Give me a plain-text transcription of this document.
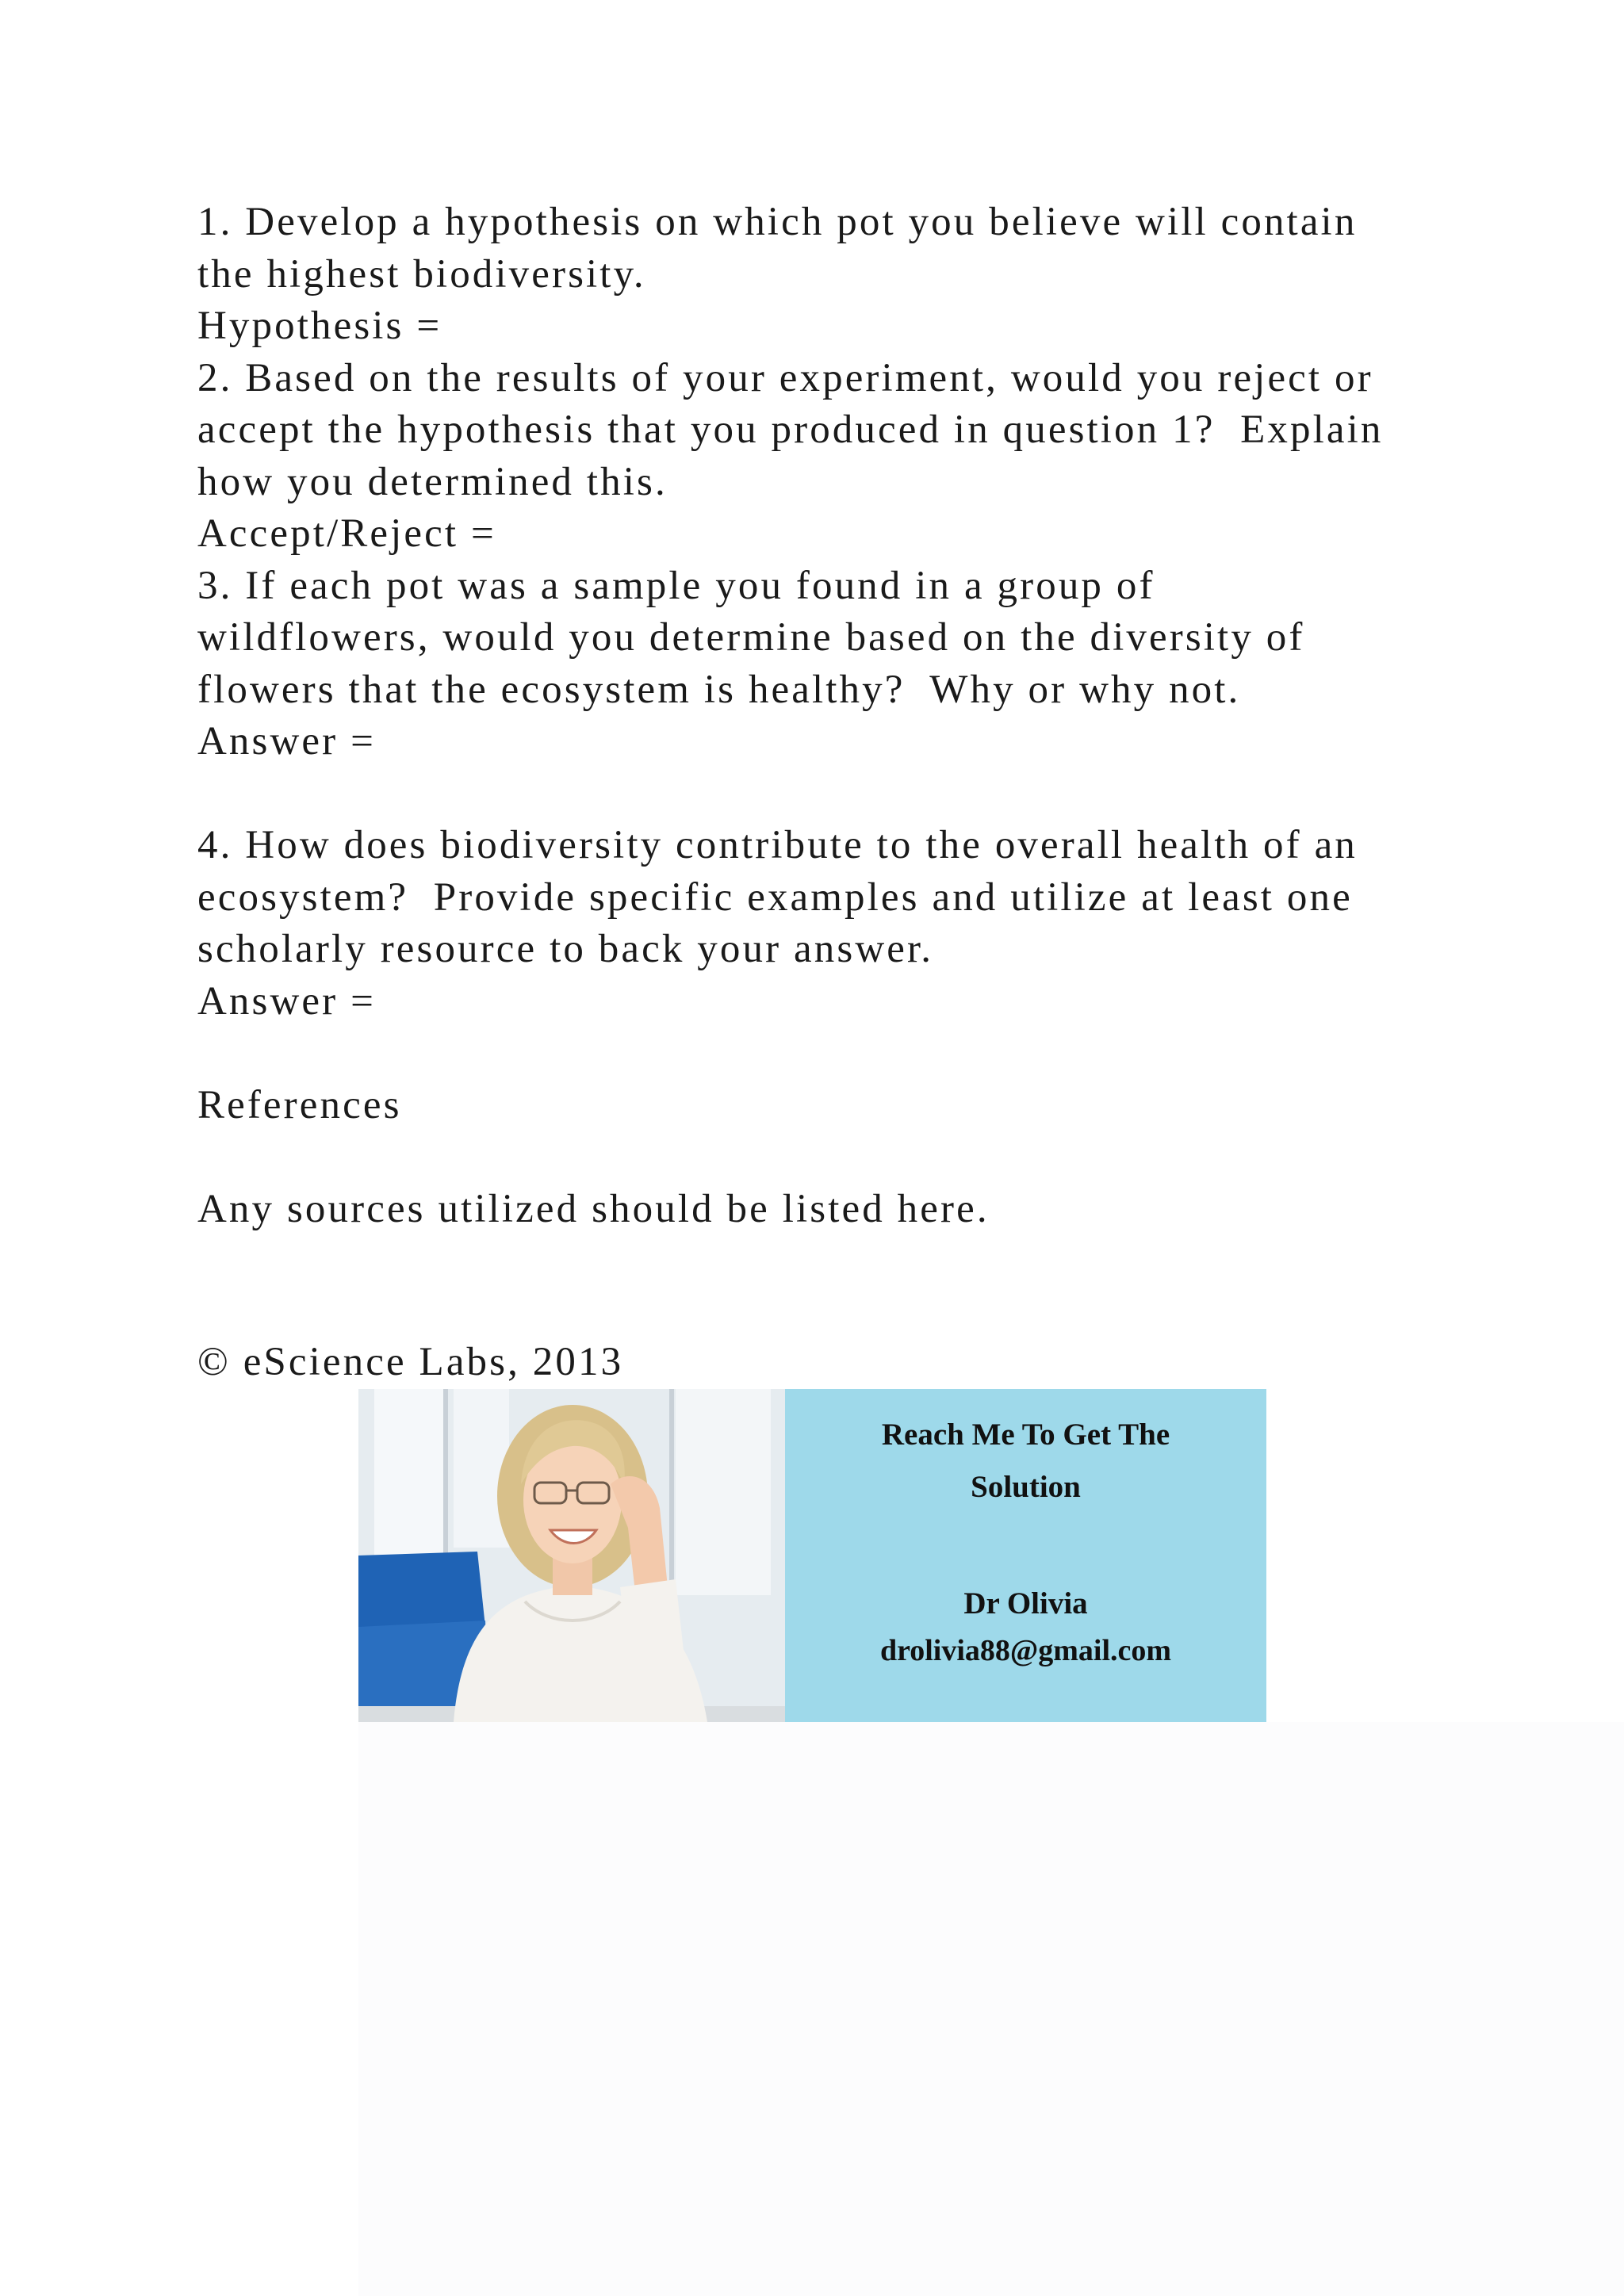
1. Develop a hypothesis on which pot you believe will contain
the highest biodiversity.
Hypothesis =
2. Based on the results of your experiment, would you reject or
accept the hypothesis that you produced in question 1?  Explain
how you determined this.
Accept/Reject =
3. If each pot was a sample you found in a group of
wildflowers, would you determine based on the diversity of
flowers that the ecosystem is healthy?  Why or why not.
Answer =
4. How does biodiversity contribute to the overall health of an
ecosystem?  Provide specific examples and utilize at least one
scholarly resource to back your answer.
Answer =
References
Any sources utilized should be listed here.
© eScience Labs, 2013
Reach Me To Get The
Solution
Dr Olivia
drolivia88@gmail.com
